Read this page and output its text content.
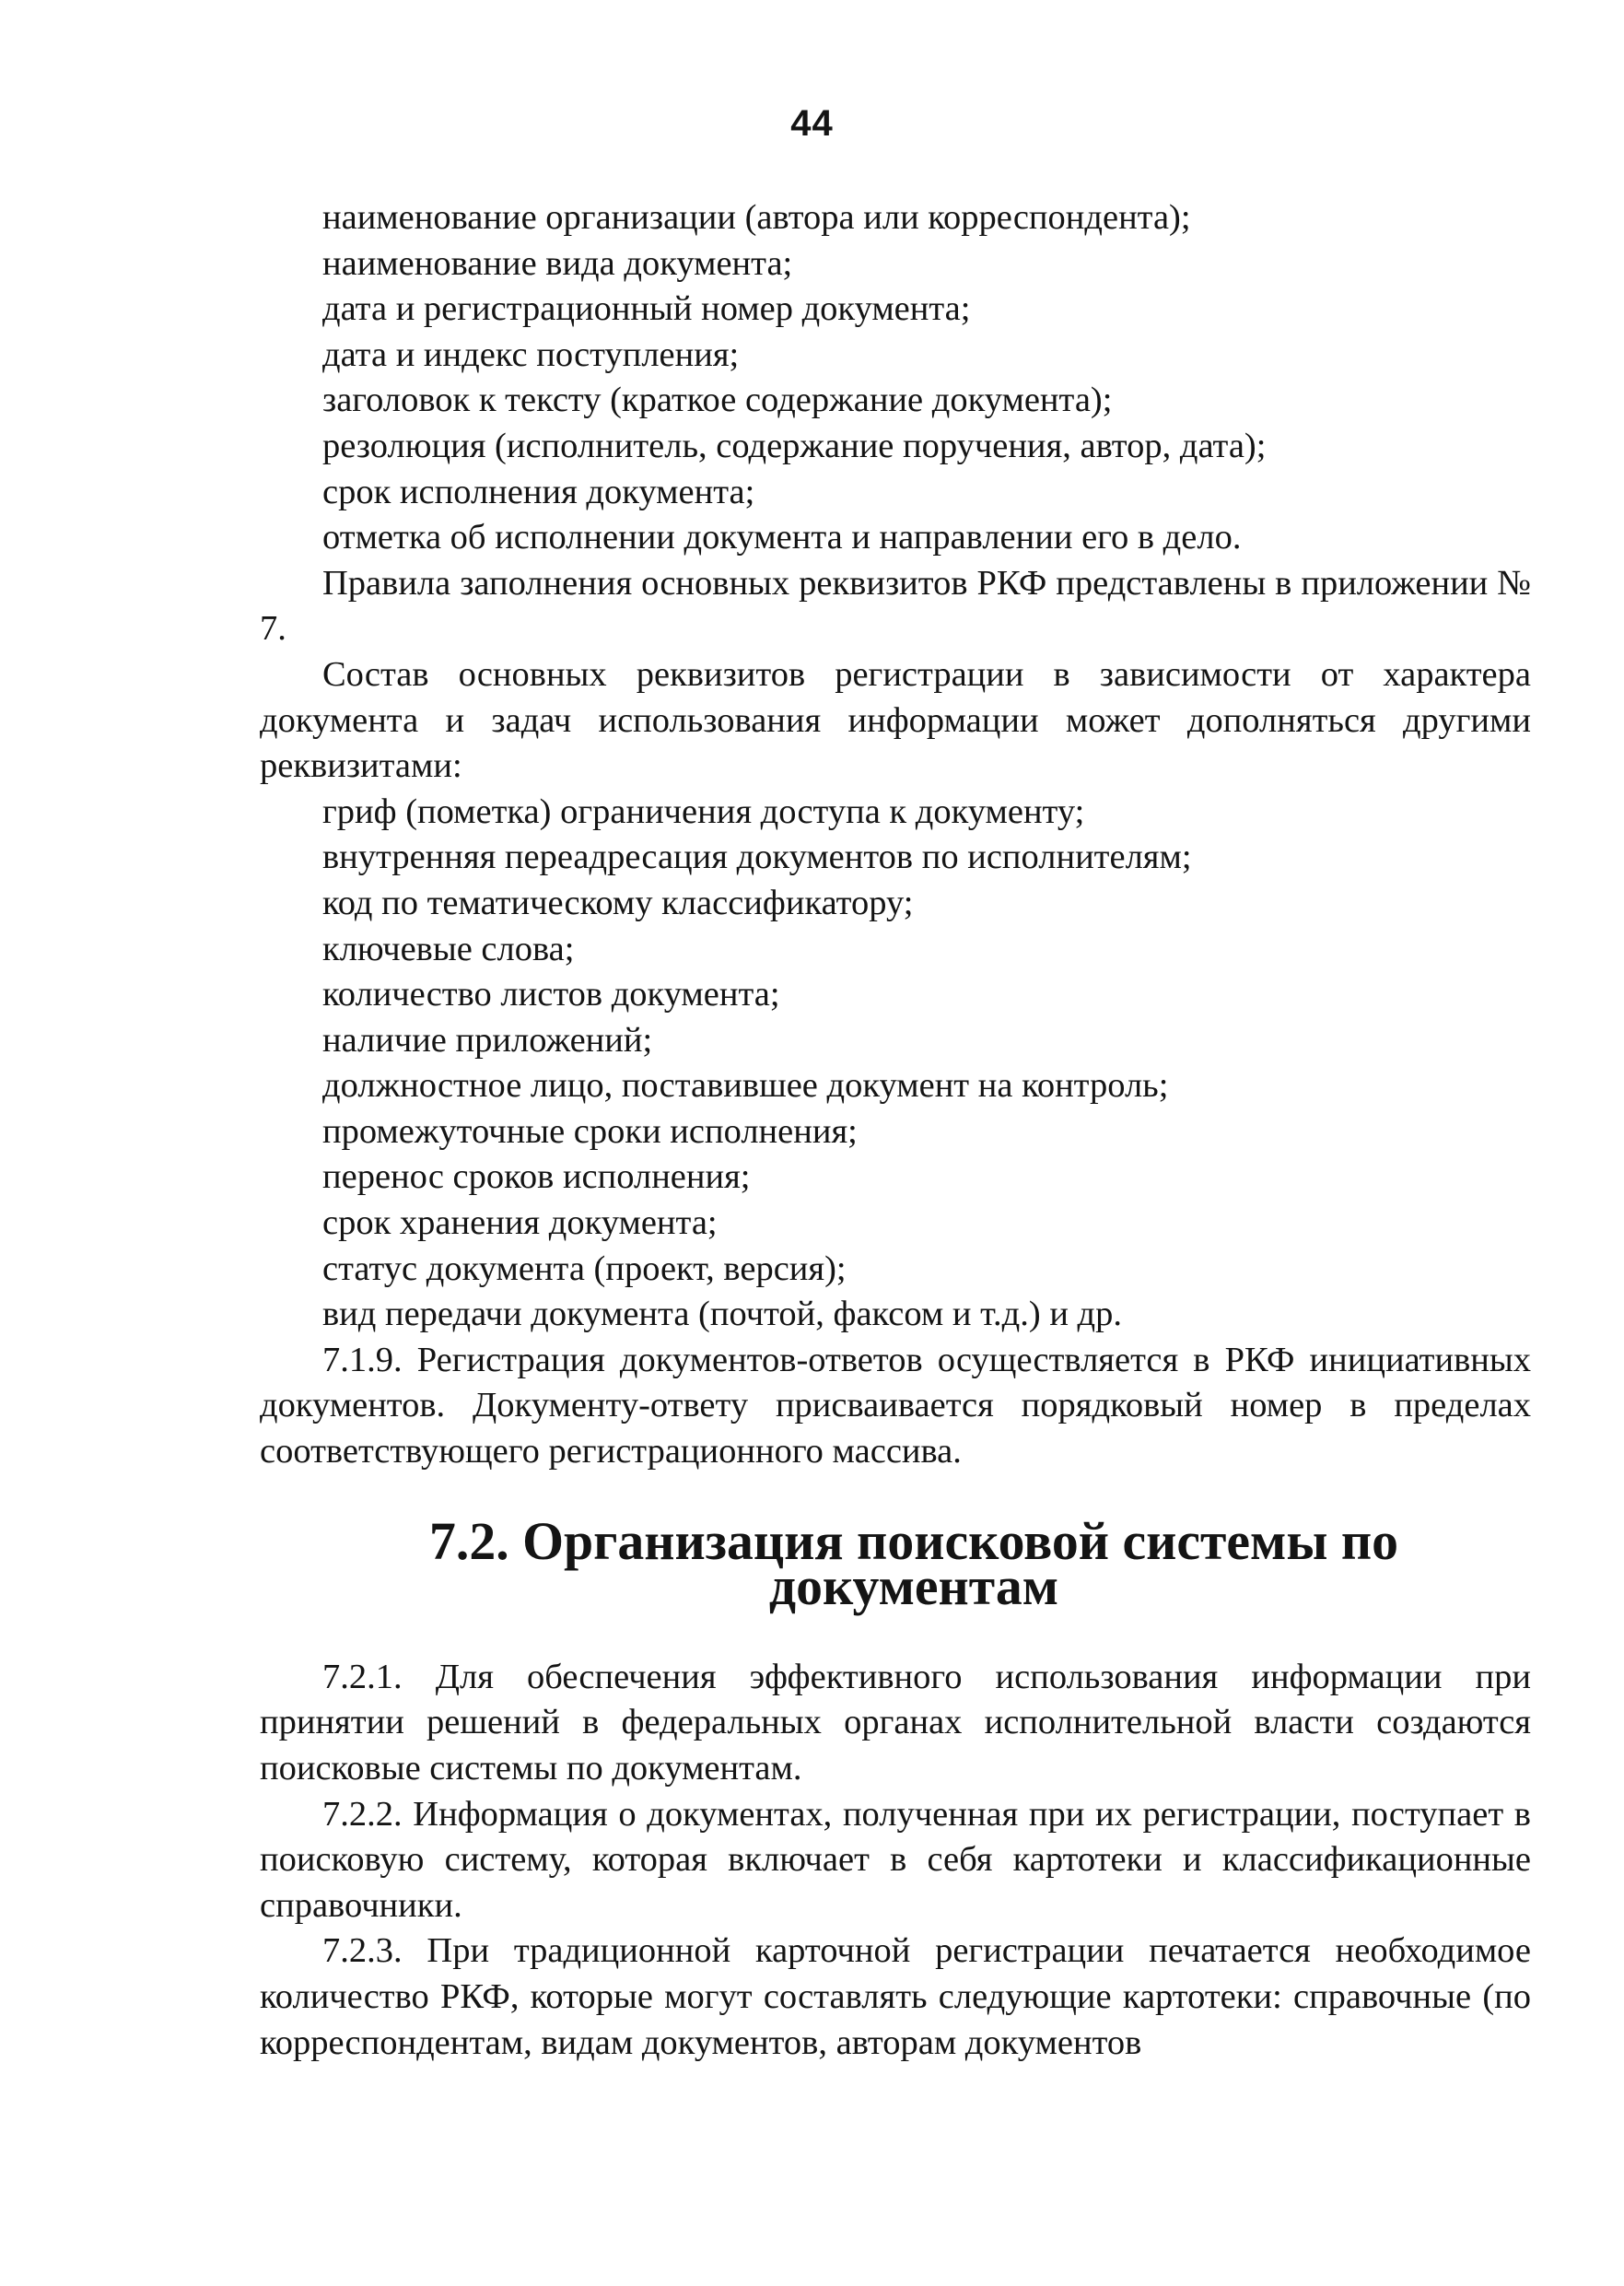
44
наименование организации (автора или корреспондента);
наименование вида документа;
дата и регистрационный номер документа;
дата и индекс поступления;
заголовок к тексту (краткое содержание документа);
резолюция (исполнитель, содержание поручения, автор, дата);
срок исполнения документа;
отметка об исполнении документа и направлении его в дело.

Правила заполнения основных реквизитов РКФ представлены в приложении № 7.

Состав основных реквизитов регистрации в зависимости от характера документа и задач использования информации может дополняться другими реквизитами:

гриф (пометка) ограничения доступа к документу;
внутренняя переадресация документов по исполнителям;
код по тематическому классификатору;
ключевые слова;
количество листов документа;
наличие приложений;
должностное лицо, поставившее документ на контроль;
промежуточные сроки исполнения;
перенос сроков исполнения;
срок хранения документа;
статус документа (проект, версия);
вид передачи документа (почтой, факсом и т.д.) и др.

7.1.9. Регистрация документов-ответов осуществляется в РКФ инициативных документов. Документу-ответу присваивается порядковый номер в пределах соответствующего регистрационного массива.

7.2. Организация поисковой системы по документам

7.2.1. Для обеспечения эффективного использования информации при принятии решений в федеральных органах исполнительной власти создаются поисковые системы по документам.

7.2.2. Информация о документах, полученная при их регистрации, поступает в поисковую систему, которая включает в себя картотеки и классификационные справочники.

7.2.3. При традиционной карточной регистрации печатается необходимое количество РКФ, которые могут составлять следующие картотеки: справочные (по корреспондентам, видам документов, авторам документов
